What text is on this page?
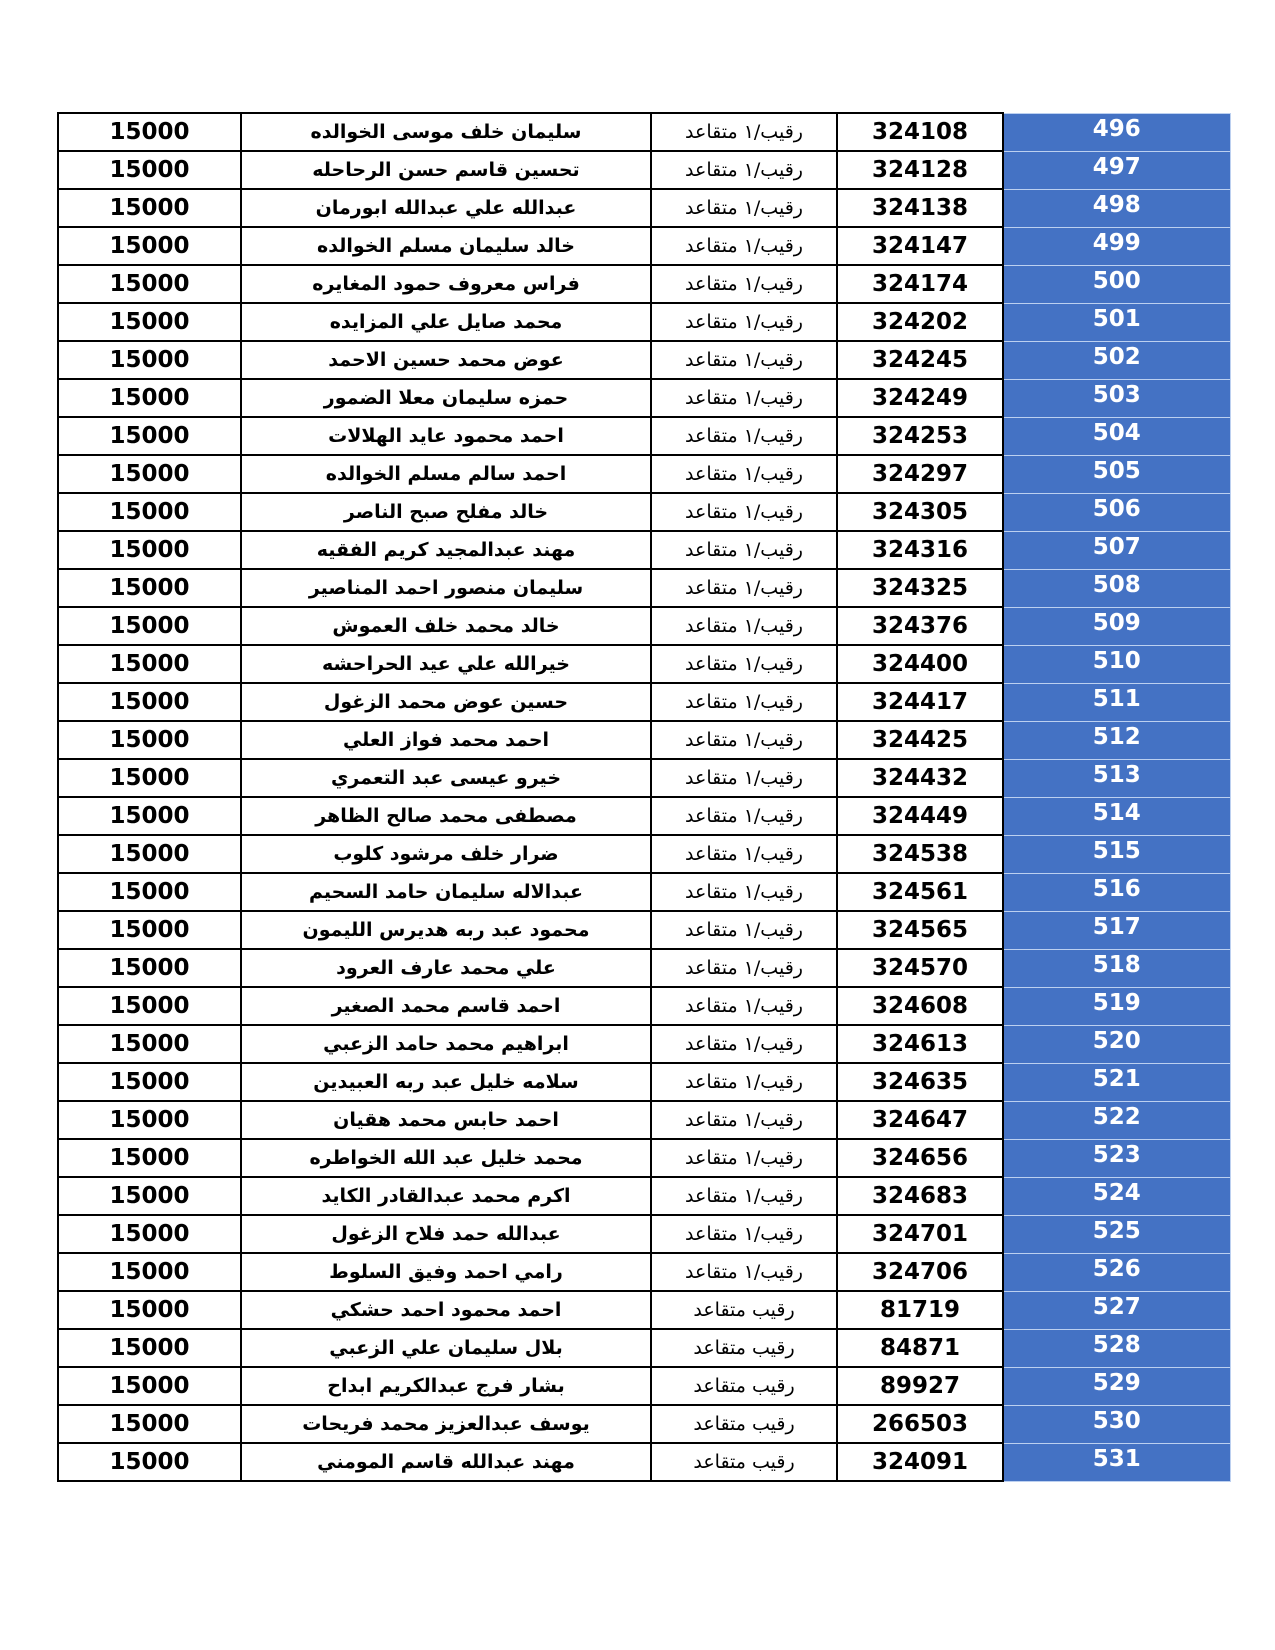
15000	سليمان خلف موسى الخوالده	رقيب/١ متقاعد	324108	496
15000	تحسين قاسم حسن الرحاحله	رقيب/١ متقاعد	324128	497
15000	عبدالله علي عبدالله ابورمان	رقيب/١ متقاعد	324138	498
15000	خالد سليمان مسلم الخوالده	رقيب/١ متقاعد	324147	499
15000	فراس معروف حمود المغايره	رقيب/١ متقاعد	324174	500
15000	محمد صايل علي المزايده	رقيب/١ متقاعد	324202	501
15000	عوض محمد حسين الاحمد	رقيب/١ متقاعد	324245	502
15000	حمزه سليمان معلا الضمور	رقيب/١ متقاعد	324249	503
15000	احمد محمود عايد الهلالات	رقيب/١ متقاعد	324253	504
15000	احمد سالم مسلم الخوالده	رقيب/١ متقاعد	324297	505
15000	خالد مفلح صبح الناصر	رقيب/١ متقاعد	324305	506
15000	مهند عبدالمجيد كريم الفقيه	رقيب/١ متقاعد	324316	507
15000	سليمان منصور احمد المناصير	رقيب/١ متقاعد	324325	508
15000	خالد محمد خلف العموش	رقيب/١ متقاعد	324376	509
15000	خيرالله علي عيد الحراحشه	رقيب/١ متقاعد	324400	510
15000	حسين عوض محمد الزغول	رقيب/١ متقاعد	324417	511
15000	احمد محمد فواز العلي	رقيب/١ متقاعد	324425	512
15000	خيرو عيسى عبد التعمري	رقيب/١ متقاعد	324432	513
15000	مصطفى محمد صالح الظاهر	رقيب/١ متقاعد	324449	514
15000	ضرار خلف مرشود كلوب	رقيب/١ متقاعد	324538	515
15000	عبدالاله سليمان حامد السحيم	رقيب/١ متقاعد	324561	516
15000	محمود عبد ربه هديرس الليمون	رقيب/١ متقاعد	324565	517
15000	علي محمد عارف العرود	رقيب/١ متقاعد	324570	518
15000	احمد قاسم محمد الصغير	رقيب/١ متقاعد	324608	519
15000	ابراهيم محمد حامد الزعبي	رقيب/١ متقاعد	324613	520
15000	سلامه خليل عبد ربه العبيدين	رقيب/١ متقاعد	324635	521
15000	احمد حابس محمد هقيان	رقيب/١ متقاعد	324647	522
15000	محمد خليل عبد الله الخواطره	رقيب/١ متقاعد	324656	523
15000	اكرم محمد عبدالقادر الكايد	رقيب/١ متقاعد	324683	524
15000	عبدالله حمد فلاح الزغول	رقيب/١ متقاعد	324701	525
15000	رامي احمد وفيق السلوط	رقيب/١ متقاعد	324706	526
15000	احمد محمود احمد حشكي	رقيب متقاعد	81719	527
15000	بلال سليمان علي الزعبي	رقيب متقاعد	84871	528
15000	بشار فرج عبدالكريم ابداح	رقيب متقاعد	89927	529
15000	يوسف عبدالعزيز محمد فريحات	رقيب متقاعد	266503	530
15000	مهند عبدالله قاسم المومني	رقيب متقاعد	324091	531
